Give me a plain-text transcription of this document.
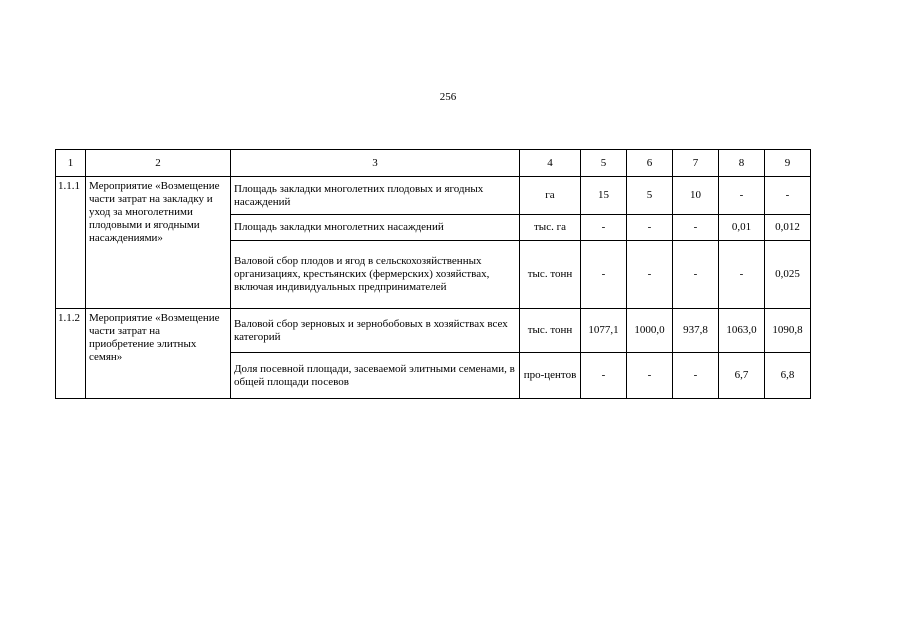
256
1	2	3	4	5	6	7	8	9
1.1.1	Мероприятие «Возмещение части затрат на закладку и уход за многолетними плодовыми и ягодными насаждениями»	Площадь закладки многолетних плодовых и ягодных насаждений	га	15	5	10	-	-
		Площадь закладки многолетних насаждений	тыс. га	-	-	-	0,01	0,012
		Валовой сбор плодов и ягод в сельскохозяйственных организациях, крестьянских (фермерских) хозяйствах, включая индивидуальных предпринимателей	тыс. тонн	-	-	-	-	0,025
1.1.2	Мероприятие «Возмещение части затрат на приобретение элитных семян»	Валовой сбор зерновых и зернобобовых в хозяйствах всех категорий	тыс. тонн	1077,1	1000,0	937,8	1063,0	1090,8
		Доля посевной площади, засеваемой элитными семенами, в общей площади посевов	про-центов	-	-	-	6,7	6,8
